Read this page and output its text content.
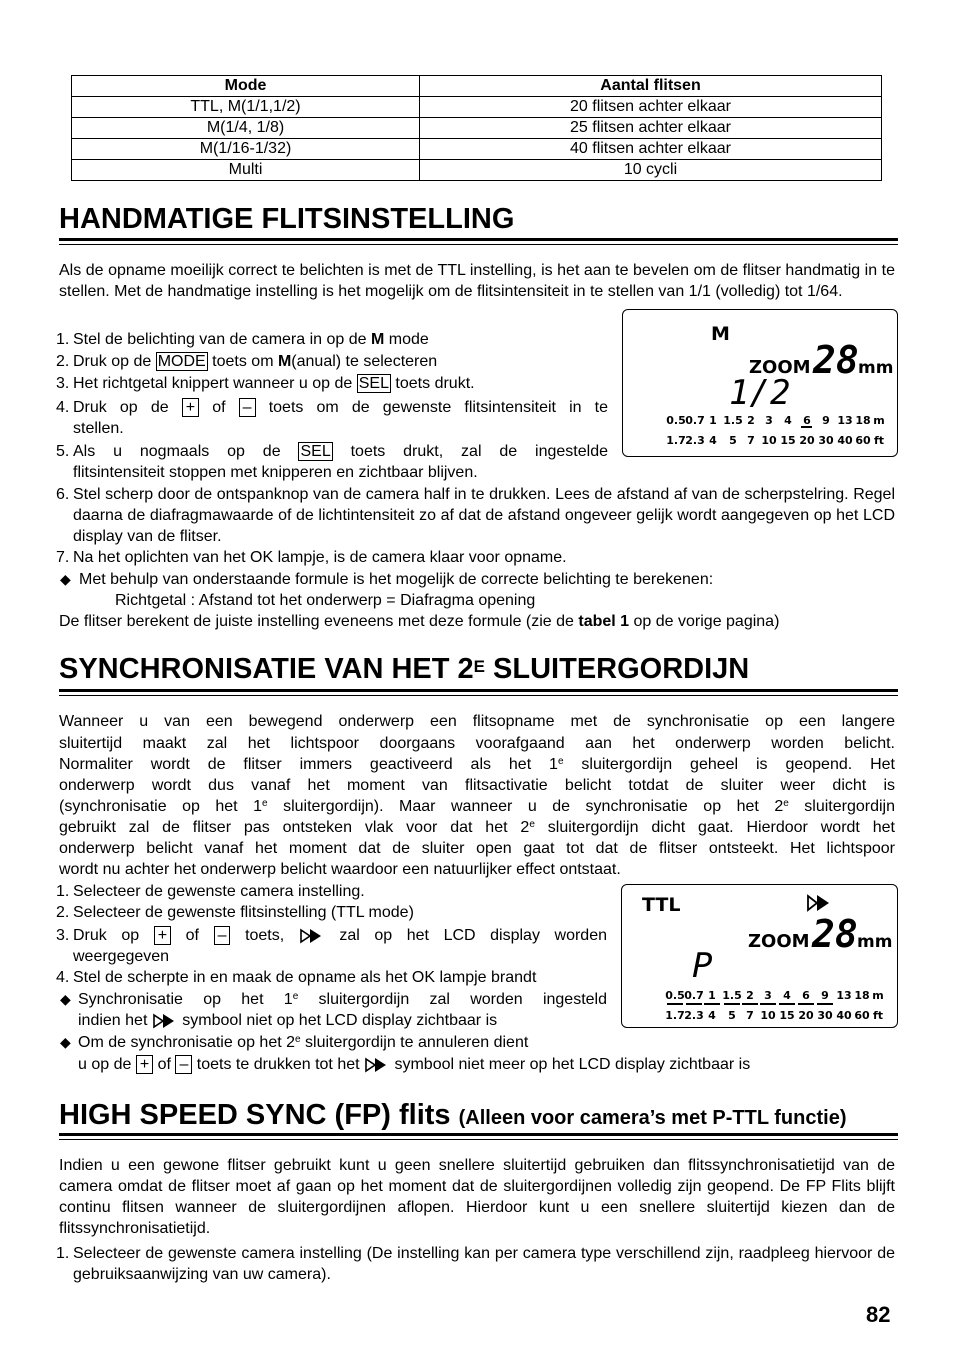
Mode	Aantal flitsen
TTL, M(1/1,1/2)	20 flitsen achter elkaar
M(1/4, 1/8)	25 flitsen achter elkaar
M(1/16-1/32)	40 flitsen achter elkaar
Multi	10 cycli
HANDMATIGE FLITSINSTELLING

Als de opname moeilijk correct te belichten is met de TTL instelling, is het aan te bevelen om de flitser handmatig in te stellen. Met de handmatige instelling is het mogelijk om de flitsintensiteit in te stellen van 1/1 (volledig) tot 1/64.

1. Stel de belichting van de camera in op de M mode
2. Druk op de MODE toets om M(anual) te selecteren
3. Het richtgetal knippert wanneer u op de SEL toets drukt.
4. Druk op de + of – toets om de gewenste flitsintensiteit in te
stellen.
5. Als u nogmaals op de SEL toets drukt, zal de ingestelde
flitsintensiteit stoppen met knipperen en zichtbaar blijven.
6. Stel scherp door de ontspanknop van de camera half in te drukken. Lees de afstand af van de scherpstelring. Regel daarna de diafragmawaarde of de lichtintensiteit zo af dat de afstand ongeveer gelijk wordt aangegeven op het LCD display van de flitser.

7. Na het oplichten van het OK lampje, is de camera klaar voor opname.
◆ Met behulp van onderstaande formule is het mogelijk de correcte belichting te berekenen:
Richtgetal : Afstand tot het onderwerp = Diafragma opening
De flitser berekent de juiste instelling eveneens met deze formule (zie de tabel 1 op de vorige pagina)
M
ZOOM 28 mm
1/2
0.5 0.7 1 1.5 2 3 4 6 9 13 18 m
1.7 2.3 4 5 7 10 15 20 30 40 60 ft
SYNCHRONISATIE VAN HET $2^E$ SLUITERGORDIJN
Wanneer u van een bewegend onderwerp een flitsopname met de synchronisatie op een langere
sluitertijd maakt zal het lichtspoor doorgaans voorafgaand aan het onderwerp worden belicht.
Normaliter wordt de flitser immers geactiveerd als het 1e sluitergordijn geheel is geopend. Het
onderwerp wordt dus vanaf het moment van flitsactivatie belicht totdat de sluiter weer dicht is
(synchronisatie op het 1e sluitergordijn). Maar wanneer u de synchronisatie op het 2e sluitergordijn
gebruikt zal de flitser pas ontsteken vlak voor dat het 2e sluitergordijn dicht gaat. Hierdoor wordt het
onderwerp belicht vanaf het moment dat de sluiter open gaat tot dat de flitser ontsteekt. Het lichtspoor
wordt nu achter het onderwerp belicht waardoor een natuurlijker effect ontstaat.
1. Selecteer de gewenste camera instelling.
2. Selecteer de gewenste flitsinstelling (TTL mode)
3. Druk op + of – toets,	zal op het LCD display worden
weergegeven
4. Stel de scherpte in en maak de opname als het OK lampje brandt
◆ Synchronisatie op het 1e sluitergordijn zal worden ingesteld
indien het symbool niet op het LCD display zichtbaar is
◆ Om de synchronisatie op het 2e sluitergordijn te annuleren dient
u op de + of – toets te drukken tot het symbool niet meer op het LCD display zichtbaar is
TTL
ZOOM 28 mm
P
0.5 0.7 1 1.5 2 3 4 6 9 13 18 m
1.7 2.3 4 5 7 10 15 20 30 40 60 ft
HIGH SPEED SYNC (FP) flits (Alleen voor camera’s met P-TTL functie)

Indien u een gewone flitser gebruikt kunt u geen snellere sluitertijd gebruiken dan flitssynchronisatietijd van de camera omdat de flitser moet af gaan op het moment dat de sluitergordijnen volledig zijn geopend. De FP Flits blijft continu flitsen wanneer de sluitergordijnen aflopen. Hierdoor kunt u een snellere sluitertijd kiezen dan de flitssynchronisatietijd.

1. Selecteer de gewenste camera instelling (De instelling kan per camera type verschillend zijn, raadpleeg hiervoor de gebruiksaanwijzing van uw camera).

82
